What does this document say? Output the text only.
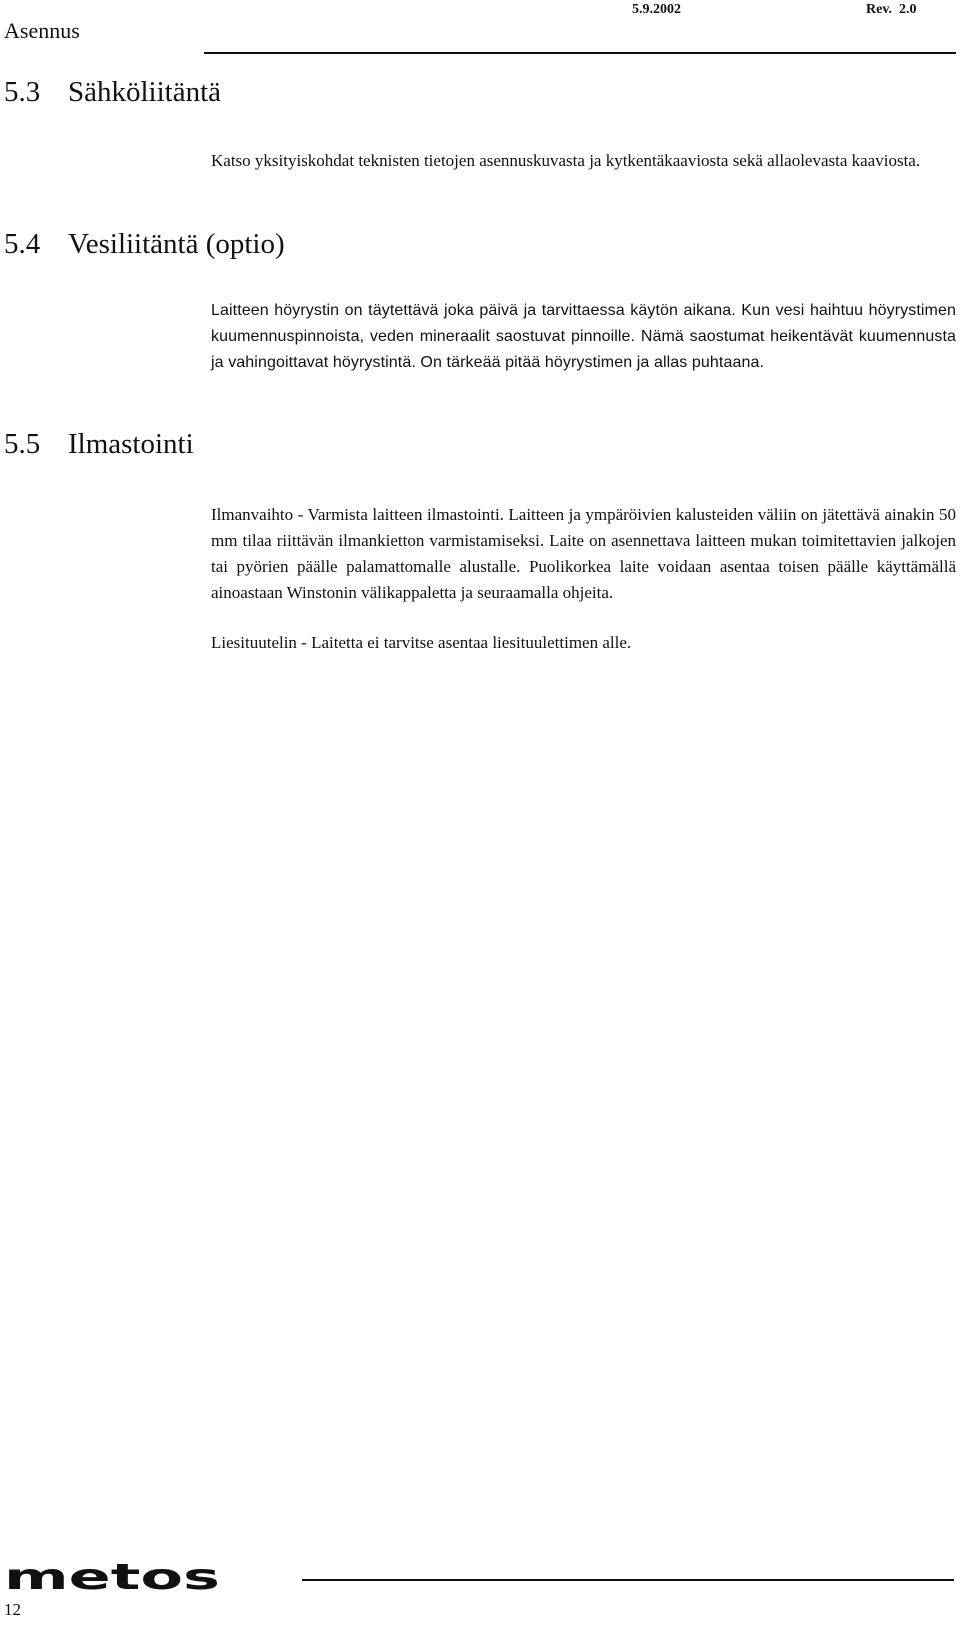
Asennus
5.9.2002	Rev.  2.0
5.3 Sähköliitäntä

Katso yksityiskohdat teknisten tietojen asennuskuvasta ja kytkentäkaaviosta sekä allaolevasta kaaviosta.

5.4 Vesiliitäntä (optio)

Laitteen höyrystin on täytettävä joka päivä ja tarvittaessa käytön aikana. Kun vesi haihtuu höyrystimen kuumennuspinnoista, veden mineraalit saostuvat pinnoille. Nämä saostumat heikentävät kuumennusta ja vahingoittavat höyrystintä. On tärkeää pitää höyrystimen ja allas puhtaana.

5.5 Ilmastointi

Ilmanvaihto - Varmista laitteen ilmastointi. Laitteen ja ympäröivien kalusteiden väliin on jätettävä ainakin 50 mm tilaa riittävän ilmankietton varmistamiseksi. Laite on asennettava laitteen mukan toimitettavien jalkojen tai pyörien päälle palamattomalle alustalle. Puolikorkea laite voidaan asentaa toisen päälle käyttämällä ainoastaan Winstonin välikappaletta ja seuraamalla ohjeita.

Liesituutelin - Laitetta ei tarvitse asentaa liesituulettimen alle.

metos
12
